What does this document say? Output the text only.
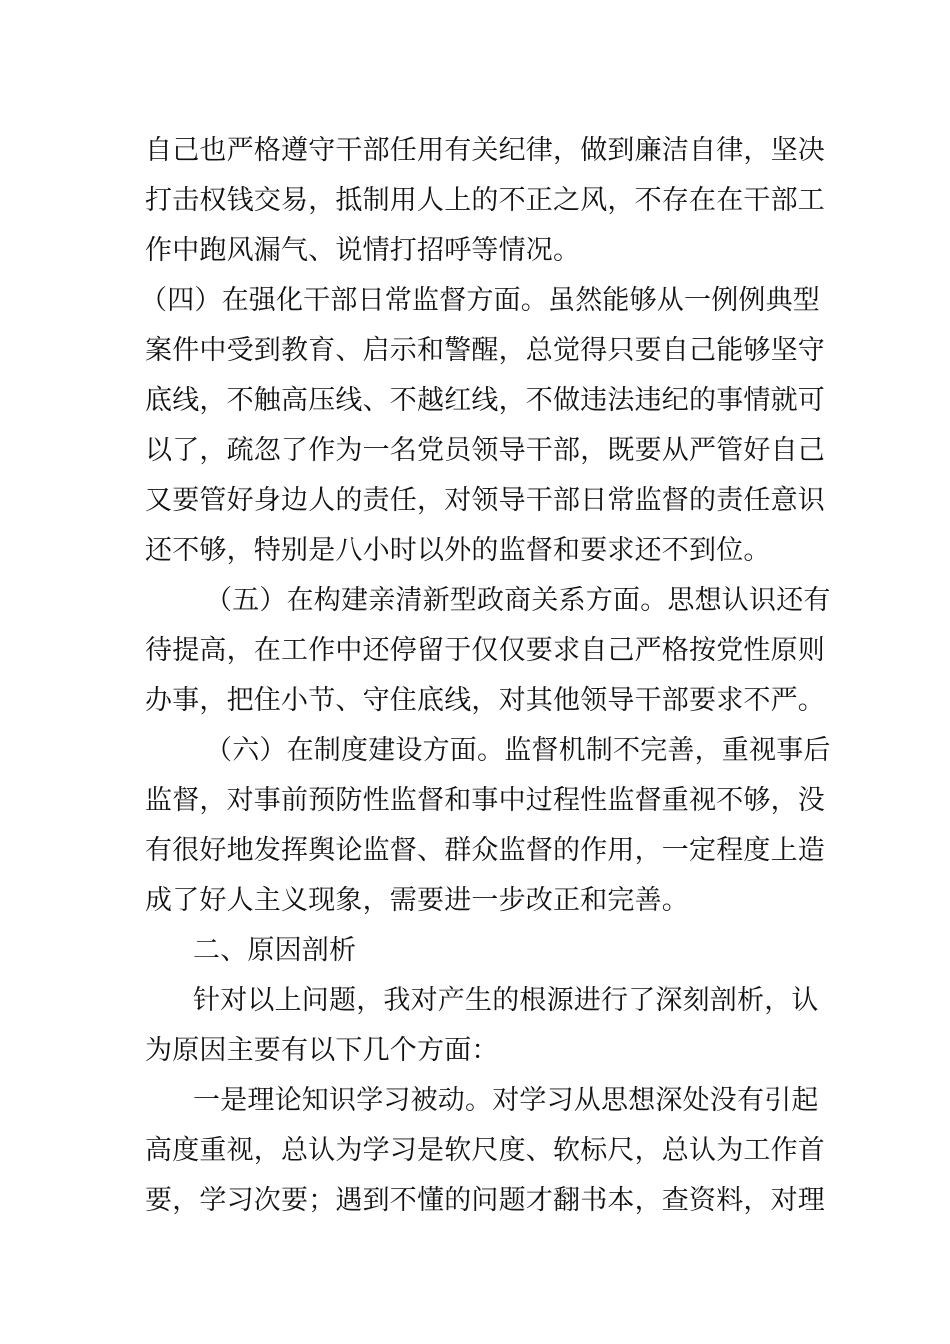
自己也严格遵守干部任用有关纪律，做到廉洁自律，坚决
打击权钱交易，抵制用人上的不正之风，不存在在干部工
作中跑风漏气、说情打招呼等情况。
（四）在强化干部日常监督方面。虽然能够从一例例典型
案件中受到教育、启示和警醒，总觉得只要自己能够坚守
底线，不触高压线、不越红线，不做违法违纪的事情就可
以了，疏忽了作为一名党员领导干部，既要从严管好自己
又要管好身边人的责任，对领导干部日常监督的责任意识
还不够，特别是八小时以外的监督和要求还不到位。
（五）在构建亲清新型政商关系方面。思想认识还有
待提高，在工作中还停留于仅仅要求自己严格按党性原则
办事，把住小节、守住底线，对其他领导干部要求不严。
（六）在制度建设方面。监督机制不完善，重视事后
监督，对事前预防性监督和事中过程性监督重视不够，没
有很好地发挥舆论监督、群众监督的作用，一定程度上造
成了好人主义现象，需要进一步改正和完善。
二、原因剖析
针对以上问题，我对产生的根源进行了深刻剖析，认
为原因主要有以下几个方面：
一是理论知识学习被动。对学习从思想深处没有引起
高度重视，总认为学习是软尺度、软标尺，总认为工作首
要，学习次要；遇到不懂的问题才翻书本，查资料，对理
